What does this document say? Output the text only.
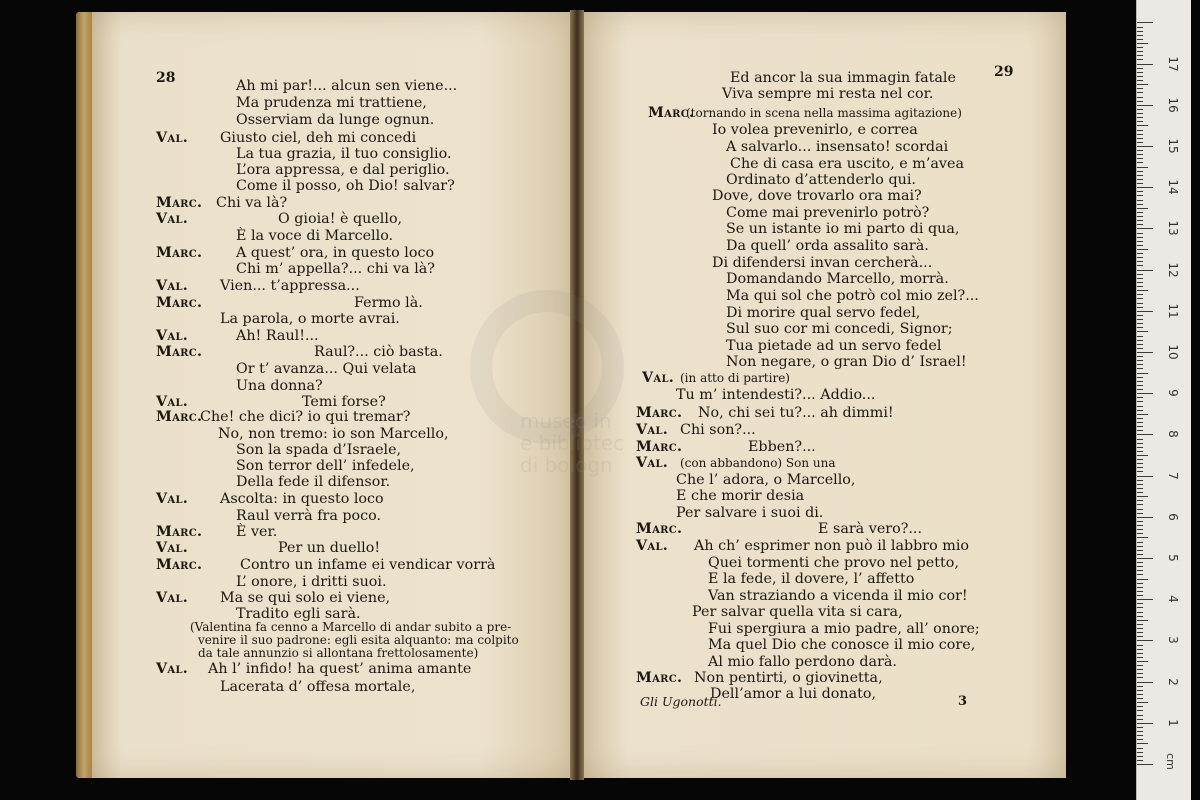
28	Ah mi par!... alcun sen viene...
Ma prudenza mi trattiene,
Osserviam da lunge ognun.
Val. Giusto ciel, deh mi concedi
La tua grazia, il tuo consiglio.
L’ora appressa, e dal periglio.
Come il posso, oh Dio! salvar?
Marc. Chi va là?
Val.	O gioia! è quello,
È la voce di Marcello.
Marc. A quest’ ora, in questo loco
Chi m’ appella?... chi va là?
Val. Vien... t’appressa...
Marc.	Fermo là.
La parola, o morte avrai.
Val.	Ah! Raul!...
Marc.	Raul?... ciò basta.
Or t’ avanza... Qui velata
Una donna?
Val.	Temi forse?
Marc.
Che! che dici? io qui tremar?
No, non tremo: io son Marcello,
Son la spada d’Israele,
Son terror dell’ infedele,
Della fede il difensor.
Val. Ascolta: in questo loco
Raul verrà fra poco.
Marc. È ver.
Val.	Per un duello!
Marc.	Contro un infame ei vendicar vorrà
L’ onore, i dritti suoi.
Val. Ma se qui solo ei viene,
Tradito egli sarà.
(Valentina fa cenno a Marcello di andar subito a pre-
venire il suo padrone: egli esita alquanto: ma colpito
da tale annunzio si allontana frettolosamente)
Val. Ah l’ infido! ha quest’ anima amante
Lacerata d’ offesa mortale,
29
Gli Ugonotti.	3
Ed ancor la sua immagin fatale
Viva sempre mi resta nel cor.
Marc.
(tornando in scena nella massima agitazione)
Io volea prevenirlo, e correa
A salvarlo... insensato! scordai
Che di casa era uscito, e m’avea
Ordinato d’attenderlo qui.
Dove, dove trovarlo ora mai?
Come mai prevenirlo potrò?
Se un istante io mi parto di qua,
Da quell’ orda assalito sarà.
Di difendersi invan cercherà...
Domandando Marcello, morrà.
Ma qui sol che potrò col mio zel?...
Di morire qual servo fedel,
Sul suo cor mi concedi, Signor;
Tua pietade ad un servo fedel
Non negare, o gran Dio d’ Israel!
Val. (in atto di partire)
Tu m’ intendesti?... Addio...
Marc. No, chi sei tu?... ah dimmi!
Val. Chi son?...
Marc.	Ebben?...
Val. (con abbandono) Son una
Che l’ adora, o Marcello,
E che morir desia
Per salvare i suoi di.
Marc.	E sarà vero?...
Val. Ah ch’ esprimer non può il labbro mio
Quei tormenti che provo nel petto,
E la fede, il dovere, l’ affetto
Van straziando a vicenda il mio cor!
Per salvar quella vita si cara,
Fui spergiura a mio padre, all’ onore;
Ma quel Dio che conosce il mio core,
Al mio fallo perdono darà.
Marc. Non pentirti, o giovinetta,
Dell’amor a lui donato,
1
2
3
4
5
6
7
8
9
10
11
12
13
14
15
16
17
cm
